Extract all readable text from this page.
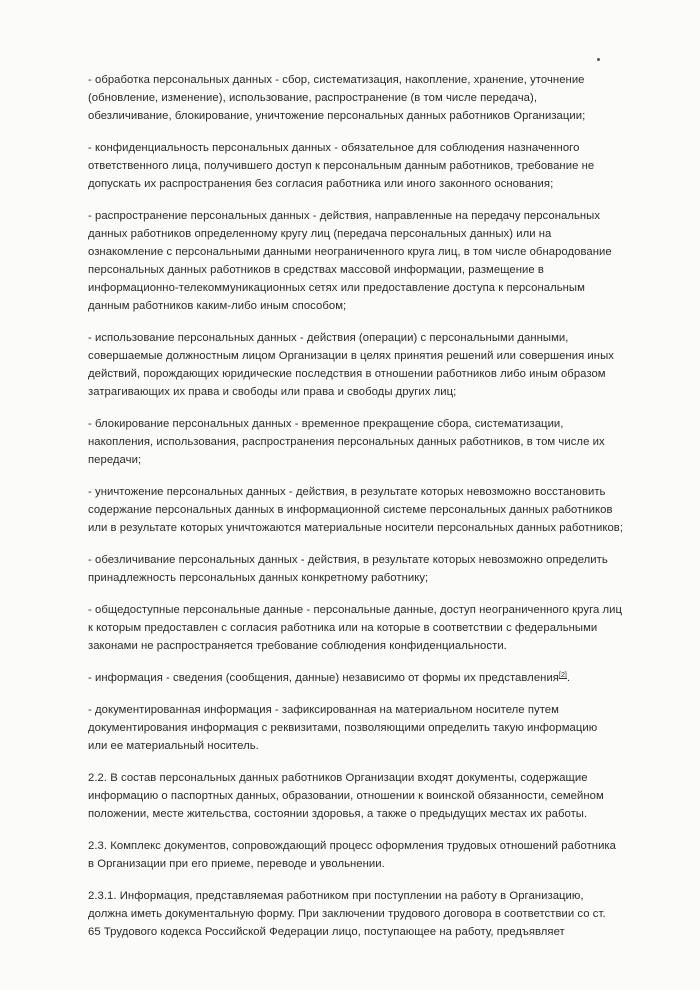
- обработка персональных данных - сбор, систематизация, накопление, хранение, уточнение
(обновление, изменение), использование, распространение (в том числе передача),
обезличивание, блокирование, уничтожение персональных данных работников Организации;

- конфиденциальность персональных данных - обязательное для соблюдения назначенного
ответственного лица, получившего доступ к персональным данным работников, требование не
допускать их распространения без согласия работника или иного законного основания;

- распространение персональных данных - действия, направленные на передачу персональных
данных работников определенному кругу лиц (передача персональных данных) или на
ознакомление с персональными данными неограниченного круга лиц, в том числе обнародование
персональных данных работников в средствах массовой информации, размещение в
информационно-телекоммуникационных сетях или предоставление доступа к персональным
данным работников каким-либо иным способом;

- использование персональных данных - действия (операции) с персональными данными,
совершаемые должностным лицом Организации в целях принятия решений или совершения иных
действий, порождающих юридические последствия в отношении работников либо иным образом
затрагивающих их права и свободы или права и свободы других лиц;

- блокирование персональных данных - временное прекращение сбора, систематизации,
накопления, использования, распространения персональных данных работников, в том числе их
передачи;

- уничтожение персональных данных - действия, в результате которых невозможно восстановить
содержание персональных данных в информационной системе персональных данных работников
или в результате которых уничтожаются материальные носители персональных данных работников;

- обезличивание персональных данных - действия, в результате которых невозможно определить
принадлежность персональных данных конкретному работнику;

- общедоступные персональные данные - персональные данные, доступ неограниченного круга лиц
к которым предоставлен с согласия работника или на которые в соответствии с федеральными
законами не распространяется требование соблюдения конфиденциальности.

- информация - сведения (сообщения, данные) независимо от формы их представления[2].

- документированная информация - зафиксированная на материальном носителе путем
документирования информация с реквизитами, позволяющими определить такую информацию
или ее материальный носитель.

2.2. В состав персональных данных работников Организации входят документы, содержащие
информацию о паспортных данных, образовании, отношении к воинской обязанности, семейном
положении, месте жительства, состоянии здоровья, а также о предыдущих местах их работы.

2.3. Комплекс документов, сопровождающий процесс оформления трудовых отношений работника
в Организации при его приеме, переводе и увольнении.

2.3.1. Информация, представляемая работником при поступлении на работу в Организацию,
должна иметь документальную форму. При заключении трудового договора в соответствии со ст.
65 Трудового кодекса Российской Федерации лицо, поступающее на работу, предъявляет
